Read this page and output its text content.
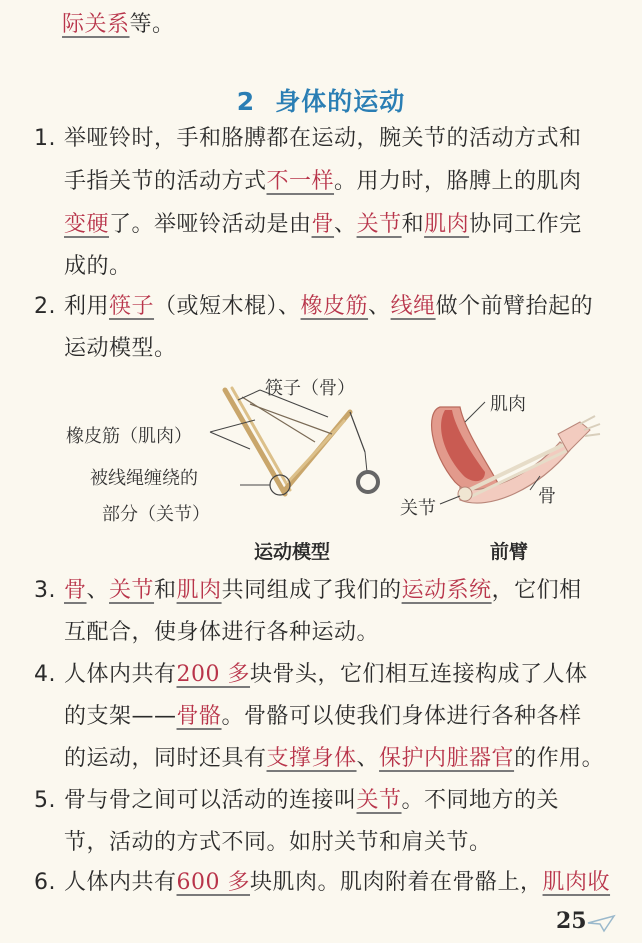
际关系等。
2 身体的运动
1. 举哑铃时，手和胳膊都在运动，腕关节的活动方式和
手指关节的活动方式不一样。用力时，胳膊上的肌肉
变硬了。举哑铃活动是由骨、关节和肌肉协同工作完
成的。
2. 利用筷子（或短木棍）、橡皮筋、线绳做个前臂抬起的
运动模型。
筷子（骨）
橡皮筋（肌肉）
被线绳缠绕的
部分（关节）
肌肉
关节
骨
运动模型	前臂
3. 骨、关节和肌肉共同组成了我们的运动系统，它们相
互配合，使身体进行各种运动。
4. 人体内共有200 多块骨头，它们相互连接构成了人体
的支架——骨骼。骨骼可以使我们身体进行各种各样
的运动，同时还具有支撑身体、保护内脏器官的作用。
5. 骨与骨之间可以活动的连接叫关节。不同地方的关
节，活动的方式不同。如肘关节和肩关节。
6. 人体内共有600 多块肌肉。肌肉附着在骨骼上，肌肉收
25
